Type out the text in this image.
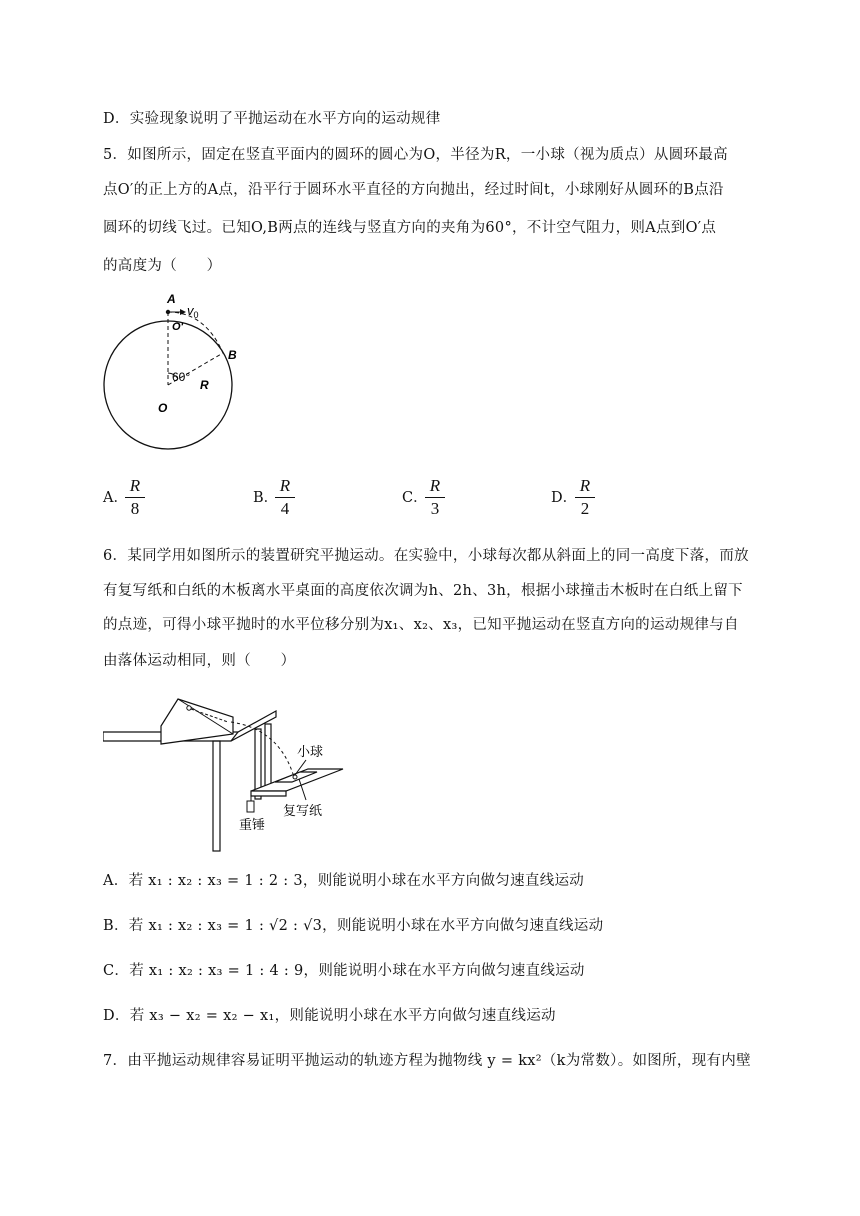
D．实验现象说明了平抛运动在水平方向的运动规律
5．如图所示，固定在竖直平面内的圆环的圆心为O，半径为R，一小球（视为质点）从圆环最高
点O′的正上方的A点，沿平行于圆环水平直径的方向抛出，经过时间t，小球刚好从圆环的B点沿
圆环的切线飞过。已知O,B两点的连线与竖直方向的夹角为60°，不计空气阻力，则A点到O′点
的高度为（　　）
A
$v_0$
O′
B
60°
R
O
A．
R
8
B．
R
4
C．
R
3
D．
R
2
6．某同学用如图所示的装置研究平抛运动。在实验中，小球每次都从斜面上的同一高度下落，而放
有复写纸和白纸的木板离水平桌面的高度依次调为h、2h、3h，根据小球撞击木板时在白纸上留下
的点迹，可得小球平抛时的水平位移分别为x₁、x₂、x₃，已知平抛运动在竖直方向的运动规律与自
由落体运动相同，则（　　）
小球
复写纸
重锤
A．若 x₁ : x₂ : x₃ = 1 : 2 : 3，则能说明小球在水平方向做匀速直线运动
B．若 x₁ : x₂ : x₃ = 1 : √2 : √3，则能说明小球在水平方向做匀速直线运动
C．若 x₁ : x₂ : x₃ = 1 : 4 : 9，则能说明小球在水平方向做匀速直线运动
D．若 x₃ − x₂ = x₂ − x₁，则能说明小球在水平方向做匀速直线运动
7．由平抛运动规律容易证明平抛运动的轨迹方程为抛物线 y = kx²（k为常数）。如图所，现有内壁
